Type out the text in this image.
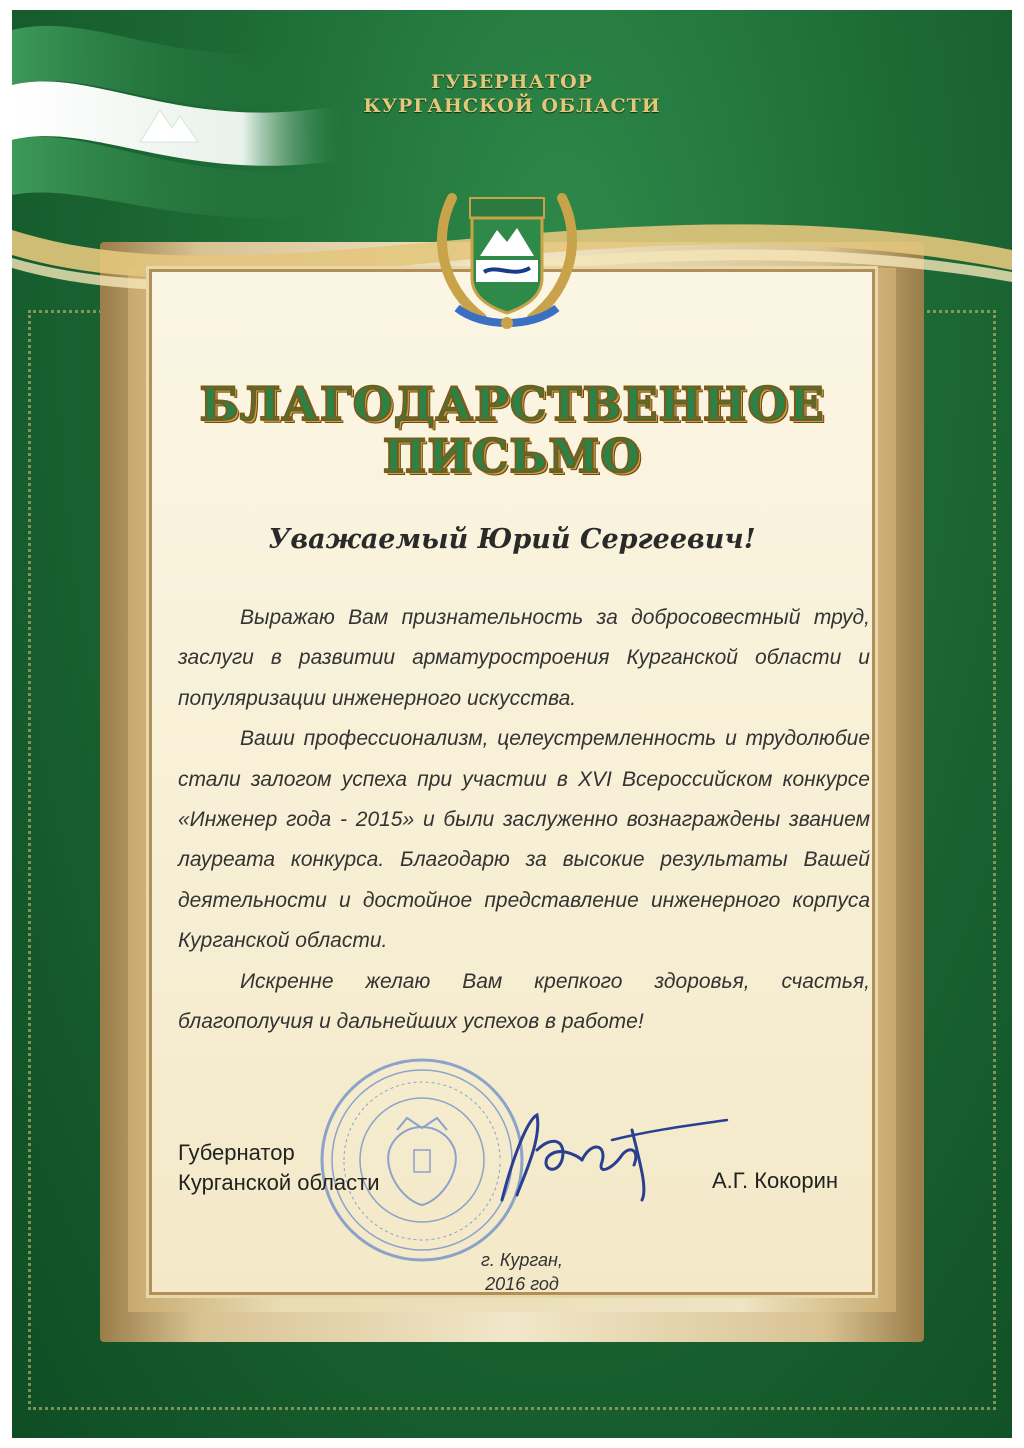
ГУБЕРНАТОР
КУРГАНСКОЙ ОБЛАСТИ
БЛАГОДАРСТВЕННОЕ
ПИСЬМО
Уважаемый Юрий Сергеевич!

Выражаю Вам признательность за добросовестный труд, заслуги в развитии арматуростроения Курганской области и популяризации инженерного искусства.

Ваши профессионализм, целеустремленность и трудолюбие стали залогом успеха при участии в XVI Всероссийском конкурсе «Инженер года - 2015» и были заслуженно вознаграждены званием лауреата конкурса. Благодарю за высокие результаты Вашей деятельности и достойное представление инженерного корпуса Курганской области.

Искренне желаю Вам крепкого здоровья, счастья, благополучия и дальнейших успехов в работе!

Губернатор
Курганской области	А.Г. Кокорин
г. Курган,
2016 год
